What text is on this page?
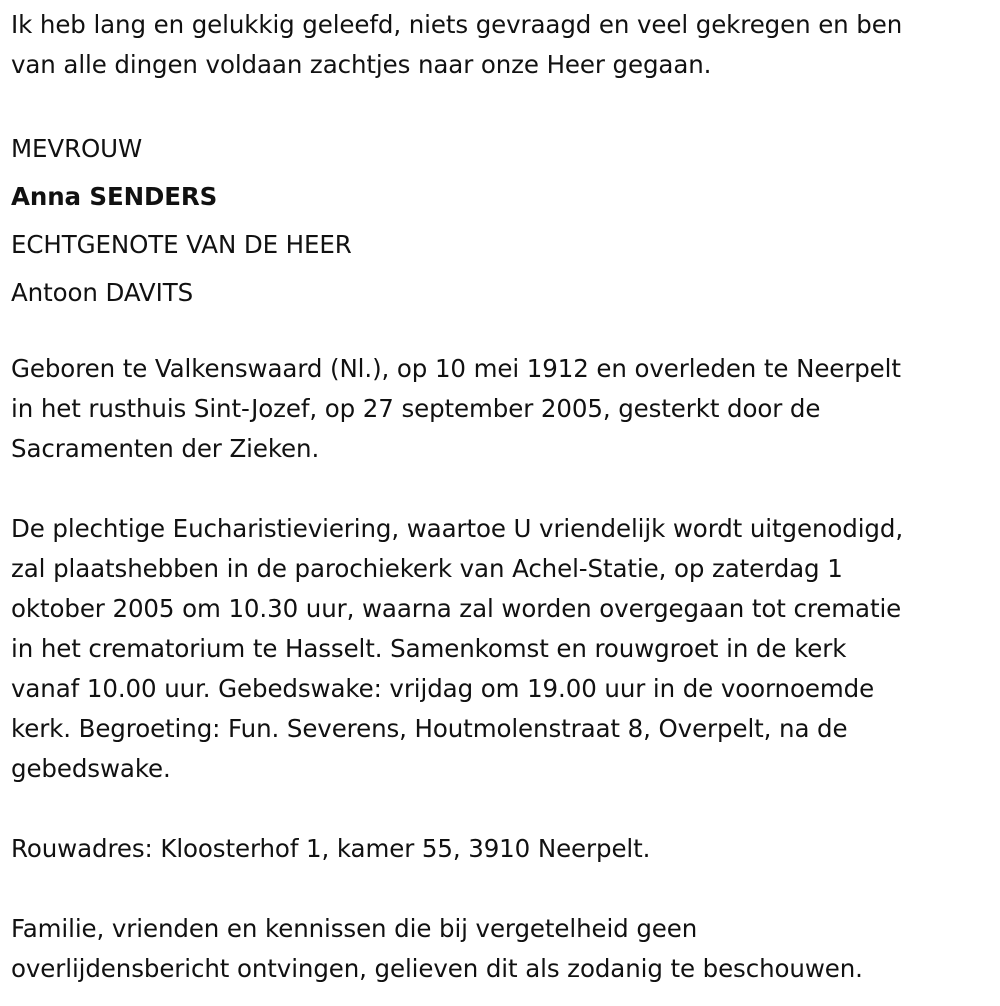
Ik heb lang en gelukkig geleefd, niets gevraagd en veel gekregen en ben

van alle dingen voldaan zachtjes naar onze Heer gegaan.

MEVROUW

Anna SENDERS

ECHTGENOTE VAN DE HEER

Antoon DAVITS

Geboren te Valkenswaard (Nl.), op 10 mei 1912 en overleden te Neerpelt

in het rusthuis Sint-Jozef, op 27 september 2005, gesterkt door de

Sacramenten der Zieken.

De plechtige Eucharistieviering, waartoe U vriendelijk wordt uitgenodigd,

zal plaatshebben in de parochiekerk van Achel-Statie, op zaterdag 1

oktober 2005 om 10.30 uur, waarna zal worden overgegaan tot crematie

in het crematorium te Hasselt. Samenkomst en rouwgroet in de kerk

vanaf 10.00 uur. Gebedswake: vrijdag om 19.00 uur in de voornoemde

kerk. Begroeting: Fun. Severens, Houtmolenstraat 8, Overpelt, na de

gebedswake.

Rouwadres: Kloosterhof 1, kamer 55, 3910 Neerpelt.

Familie, vrienden en kennissen die bij vergetelheid geen

overlijdensbericht ontvingen, gelieven dit als zodanig te beschouwen.
